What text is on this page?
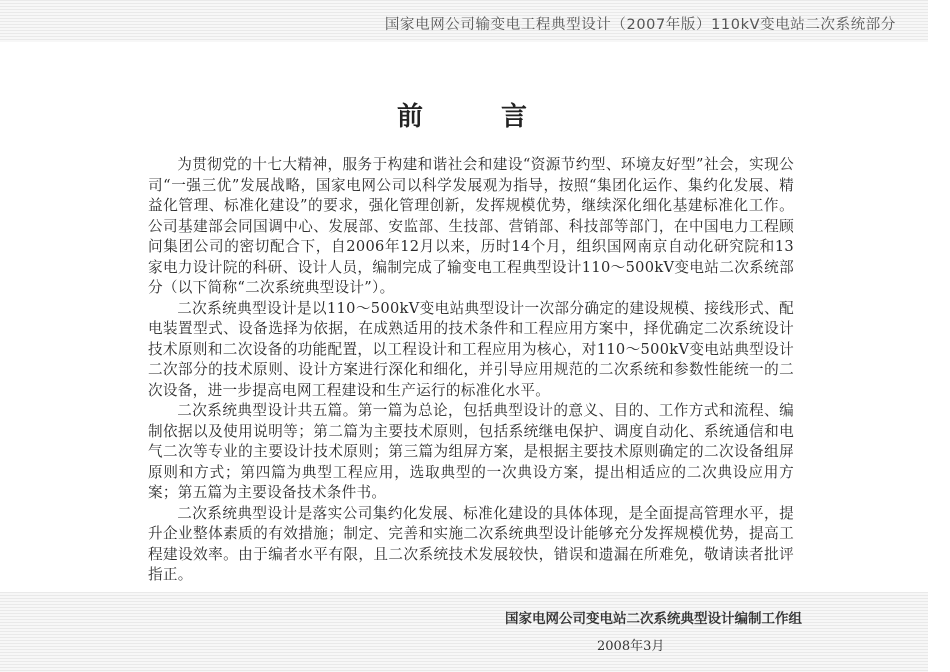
国家电网公司输变电工程典型设计（2007年版）110kV变电站二次系统部分
前　言

为贯彻党的十七大精神，服务于构建和谐社会和建设“资源节约型、环境友好型”社会，实现公司“一强三优”发展战略，国家电网公司以科学发展观为指导，按照“集团化运作、集约化发展、精益化管理、标准化建设”的要求，强化管理创新，发挥规模优势，继续深化细化基建标准化工作。公司基建部会同国调中心、发展部、安监部、生技部、营销部、科技部等部门，在中国电力工程顾问集团公司的密切配合下，自2006年12月以来，历时14个月，组织国网南京自动化研究院和13家电力设计院的科研、设计人员，编制完成了输变电工程典型设计110～500kV变电站二次系统部分（以下简称“二次系统典型设计”）。

二次系统典型设计是以110～500kV变电站典型设计一次部分确定的建设规模、接线形式、配电装置型式、设备选择为依据，在成熟适用的技术条件和工程应用方案中，择优确定二次系统设计技术原则和二次设备的功能配置，以工程设计和工程应用为核心，对110～500kV变电站典型设计二次部分的技术原则、设计方案进行深化和细化，并引导应用规范的二次系统和参数性能统一的二次设备，进一步提高电网工程建设和生产运行的标准化水平。

二次系统典型设计共五篇。第一篇为总论，包括典型设计的意义、目的、工作方式和流程、编制依据以及使用说明等；第二篇为主要技术原则，包括系统继电保护、调度自动化、系统通信和电气二次等专业的主要设计技术原则；第三篇为组屏方案，是根据主要技术原则确定的二次设备组屏原则和方式；第四篇为典型工程应用，选取典型的一次典设方案，提出相适应的二次典设应用方案；第五篇为主要设备技术条件书。

二次系统典型设计是落实公司集约化发展、标准化建设的具体体现，是全面提高管理水平，提升企业整体素质的有效措施；制定、完善和实施二次系统典型设计能够充分发挥规模优势，提高工程建设效率。由于编者水平有限，且二次系统技术发展较快，错误和遗漏在所难免，敬请读者批评指正。

国家电网公司变电站二次系统典型设计编制工作组
2008年3月
